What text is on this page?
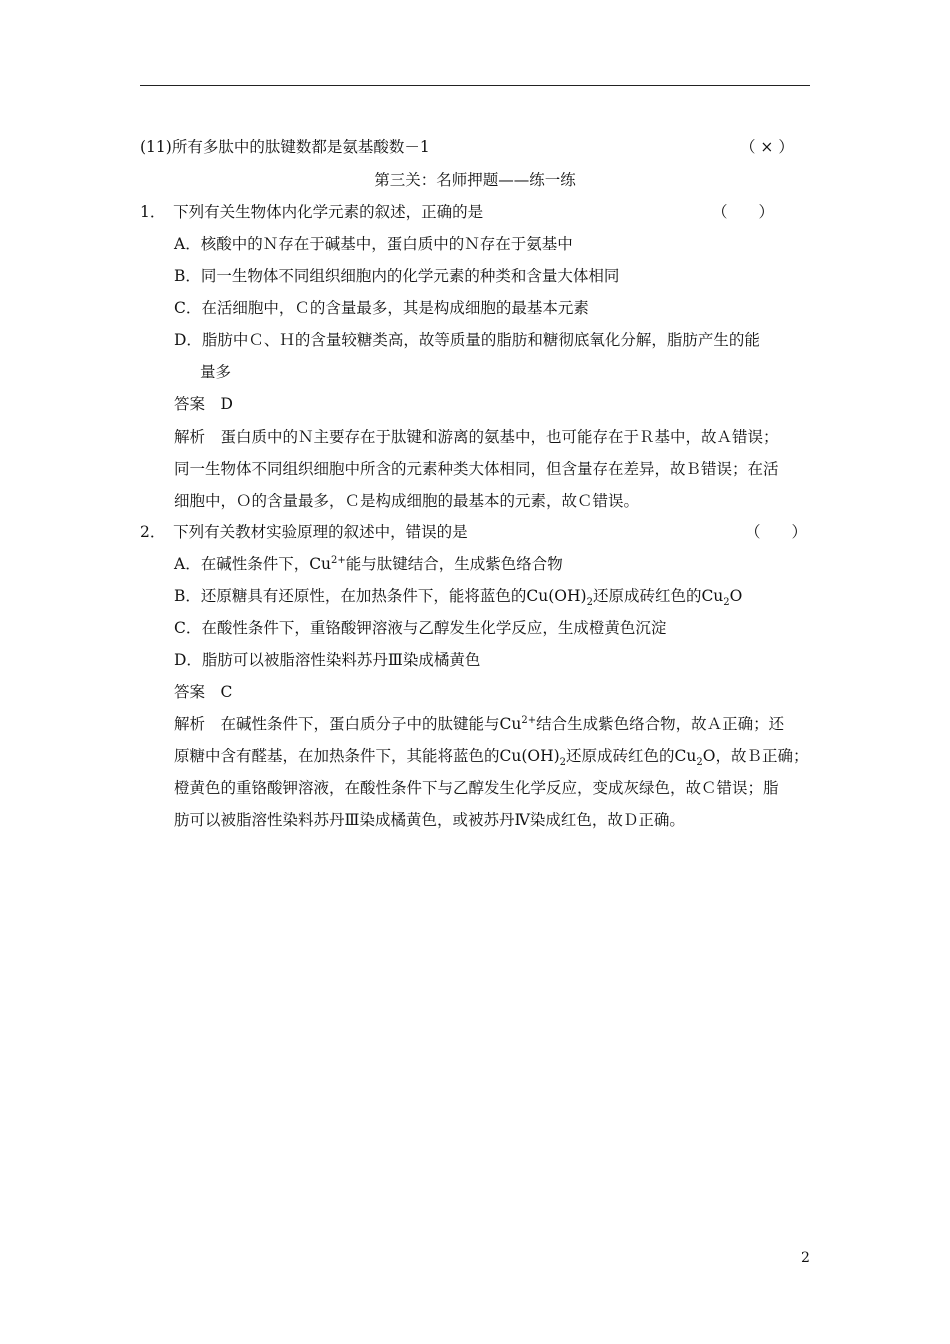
(11)所有多肽中的肽键数都是氨基酸数－1	（ × ）
第三关：名师押题——练一练
1．　下列有关生物体内化学元素的叙述，正确的是	（　　）
A．核酸中的Ｎ存在于碱基中，蛋白质中的Ｎ存在于氨基中
B．同一生物体不同组织细胞内的化学元素的种类和含量大体相同
C．在活细胞中，Ｃ的含量最多，其是构成细胞的最基本元素
D．脂肪中Ｃ、Ｈ的含量较糖类高，故等质量的脂肪和糖彻底氧化分解，脂肪产生的能
量多
答案　D
解析　蛋白质中的Ｎ主要存在于肽键和游离的氨基中，也可能存在于Ｒ基中，故Ａ错误；
同一生物体不同组织细胞中所含的元素种类大体相同，但含量存在差异，故Ｂ错误；在活
细胞中，Ｏ的含量最多，Ｃ是构成细胞的最基本的元素，故Ｃ错误。
2．　下列有关教材实验原理的叙述中，错误的是	（　　）
A．在碱性条件下，$Cu^{2+}$能与肽键结合，生成紫色络合物
B．还原糖具有还原性，在加热条件下，能将蓝色的$Cu(OH)_2$还原成砖红色的$Cu_2O$
C．在酸性条件下，重铬酸钾溶液与乙醇发生化学反应，生成橙黄色沉淀
D．脂肪可以被脂溶性染料苏丹Ⅲ染成橘黄色
答案　C
解析　在碱性条件下，蛋白质分子中的肽键能与$Cu^{2+}$结合生成紫色络合物，故Ａ正确；还
原糖中含有醛基，在加热条件下，其能将蓝色的$Cu(OH)_2$还原成砖红色的$Cu_2O$，故Ｂ正确；
橙黄色的重铬酸钾溶液，在酸性条件下与乙醇发生化学反应，变成灰绿色，故Ｃ错误；脂
肪可以被脂溶性染料苏丹Ⅲ染成橘黄色，或被苏丹Ⅳ染成红色，故Ｄ正确。
2
